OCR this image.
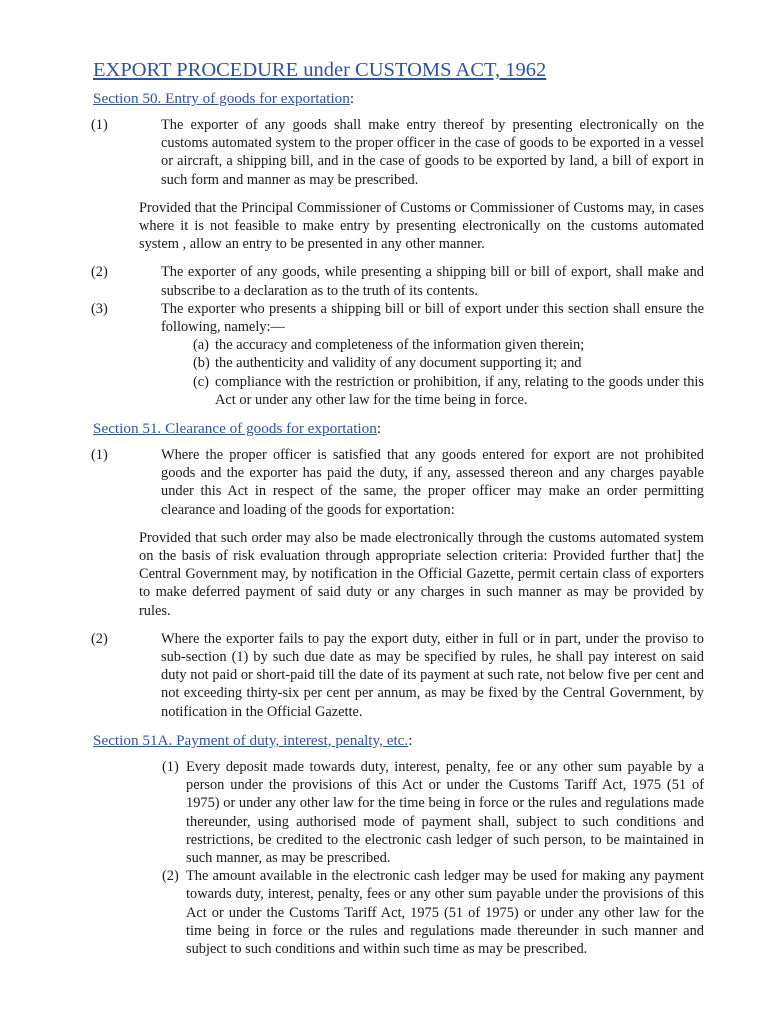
EXPORT PROCEDURE under CUSTOMS ACT, 1962
Section 50. Entry of goods for exportation:
(1)	The exporter of any goods shall make entry thereof by presenting electronically on the customs automated system to the proper officer in the case of goods to be exported in a vessel or aircraft, a shipping bill, and in the case of goods to be exported by land, a bill of export in such form and manner as may be prescribed.
Provided that the Principal Commissioner of Customs or Commissioner of Customs may, in cases where it is not feasible to make entry by presenting electronically on the customs automated system , allow an entry to be presented in any other manner.
(2)	The exporter of any goods, while presenting a shipping bill or bill of export, shall make and subscribe to a declaration as to the truth of its contents.
(3)	The exporter who presents a shipping bill or bill of export under this section shall ensure the following, namely:—
(a) the accuracy and completeness of the information given therein;
(b) the authenticity and validity of any document supporting it; and
(c) compliance with the restriction or prohibition, if any, relating to the goods under this Act or under any other law for the time being in force.
Section 51. Clearance of goods for exportation:
(1)	Where the proper officer is satisfied that any goods entered for export are not prohibited goods and the exporter has paid the duty, if any, assessed thereon and any charges payable under this Act in respect of the same, the proper officer may make an order permitting clearance and loading of the goods for exportation:
Provided that such order may also be made electronically through the customs automated system on the basis of risk evaluation through appropriate selection criteria: Provided further that] the Central Government may, by notification in the Official Gazette, permit certain class of exporters to make deferred payment of said duty or any charges in such manner as may be provided by rules.
(2)	Where the exporter fails to pay the export duty, either in full or in part, under the proviso to sub-section (1) by such due date as may be specified by rules, he shall pay interest on said duty not paid or short-paid till the date of its payment at such rate, not below five per cent and not exceeding thirty-six per cent per annum, as may be fixed by the Central Government, by notification in the Official Gazette.
Section 51A. Payment of duty, interest, penalty, etc.:
(1) Every deposit made towards duty, interest, penalty, fee or any other sum payable by a person under the provisions of this Act or under the Customs Tariff Act, 1975 (51 of 1975) or under any other law for the time being in force or the rules and regulations made thereunder, using authorised mode of payment shall, subject to such conditions and restrictions, be credited to the electronic cash ledger of such person, to be maintained in such manner, as may be prescribed.
(2) The amount available in the electronic cash ledger may be used for making any payment towards duty, interest, penalty, fees or any other sum payable under the provisions of this Act or under the Customs Tariff Act, 1975 (51 of 1975) or under any other law for the time being in force or the rules and regulations made thereunder in such manner and subject to such conditions and within such time as may be prescribed.
